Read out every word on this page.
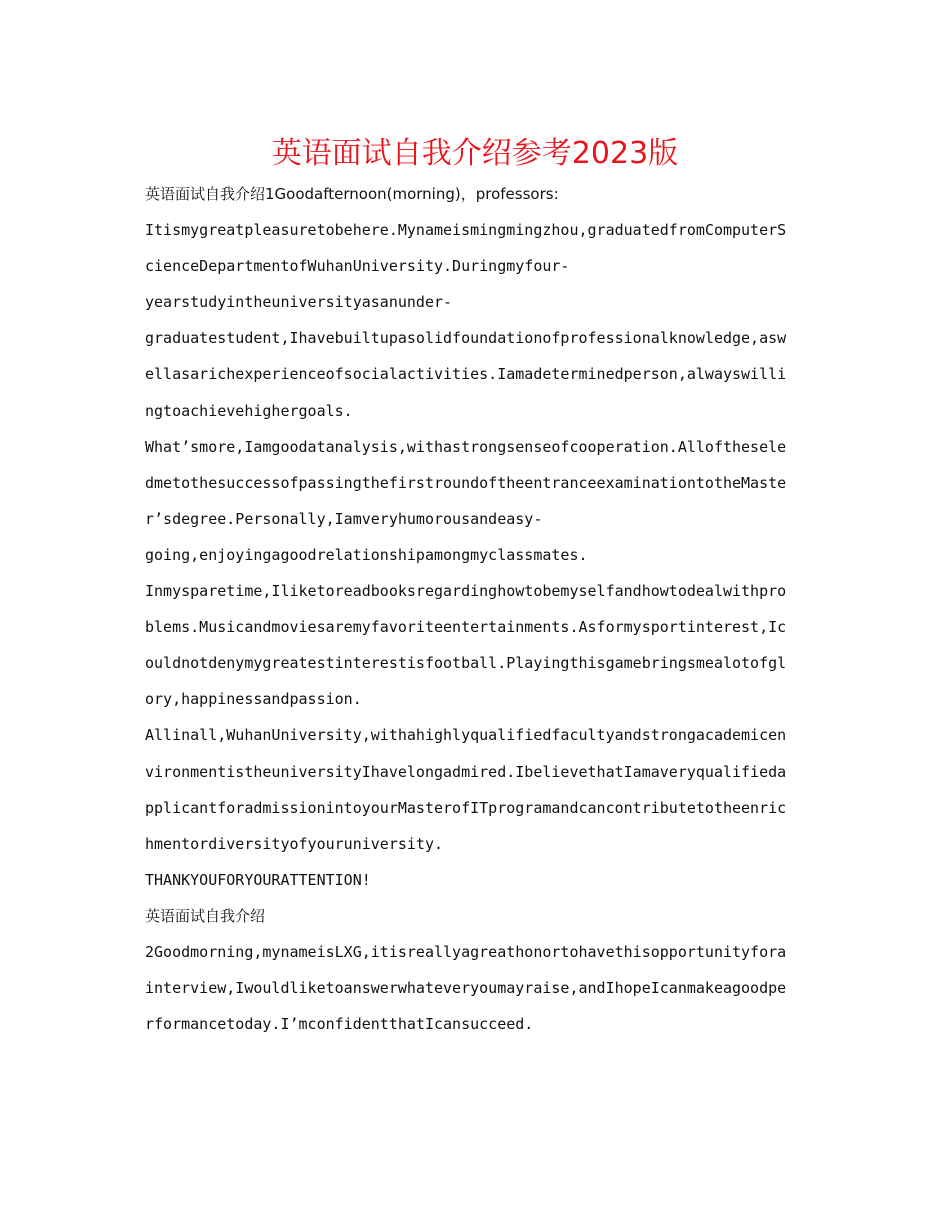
英语面试自我介绍参考2023版
英语面试自我介绍1Goodafternoon(morning)，professors:
Itismygreatpleasuretobehere.Mynameismingmingzhou,graduatedfromComputerS
cienceDepartmentofWuhanUniversity.Duringmyfour-
yearstudyintheuniversityasanunder-
graduatestudent,Ihavebuiltupasolidfoundationofprofessionalknowledge,asw
ellasarichexperienceofsocialactivities.Iamadeterminedperson,alwayswilli
ngtoachievehighergoals.
What’smore,Iamgoodatanalysis,withastrongsenseofcooperation.Allofthesele
dmetothesuccessofpassingthefirstroundoftheentranceexaminationtotheMaste
r’sdegree.Personally,Iamveryhumorousandeasy-
going,enjoyingagoodrelationshipamongmyclassmates.
Inmysparetime,Iliketoreadbooksregardinghowtobemyselfandhowtodealwithpro
blems.Musicandmoviesaremyfavoriteentertainments.Asformysportinterest,Ic
ouldnotdenymygreatestinterestisfootball.Playingthisgamebringsmealotofgl
ory,happinessandpassion.
Allinall,WuhanUniversity,withahighlyqualifiedfacultyandstrongacademicen
vironmentistheuniversityIhavelongadmired.IbelievethatIamaveryqualifieda
pplicantforadmissionintoyourMasterofITprogramandcancontributetotheenric
hmentordiversityofyouruniversity.
THANKYOUFORYOURATTENTION!
英语面试自我介绍
2Goodmorning,mynameisLXG,itisreallyagreathonortohavethisopportunityfora
interview,Iwouldliketoanswerwhateveryoumayraise,andIhopeIcanmakeagoodpe
rformancetoday.I’mconfidentthatIcansucceed.
